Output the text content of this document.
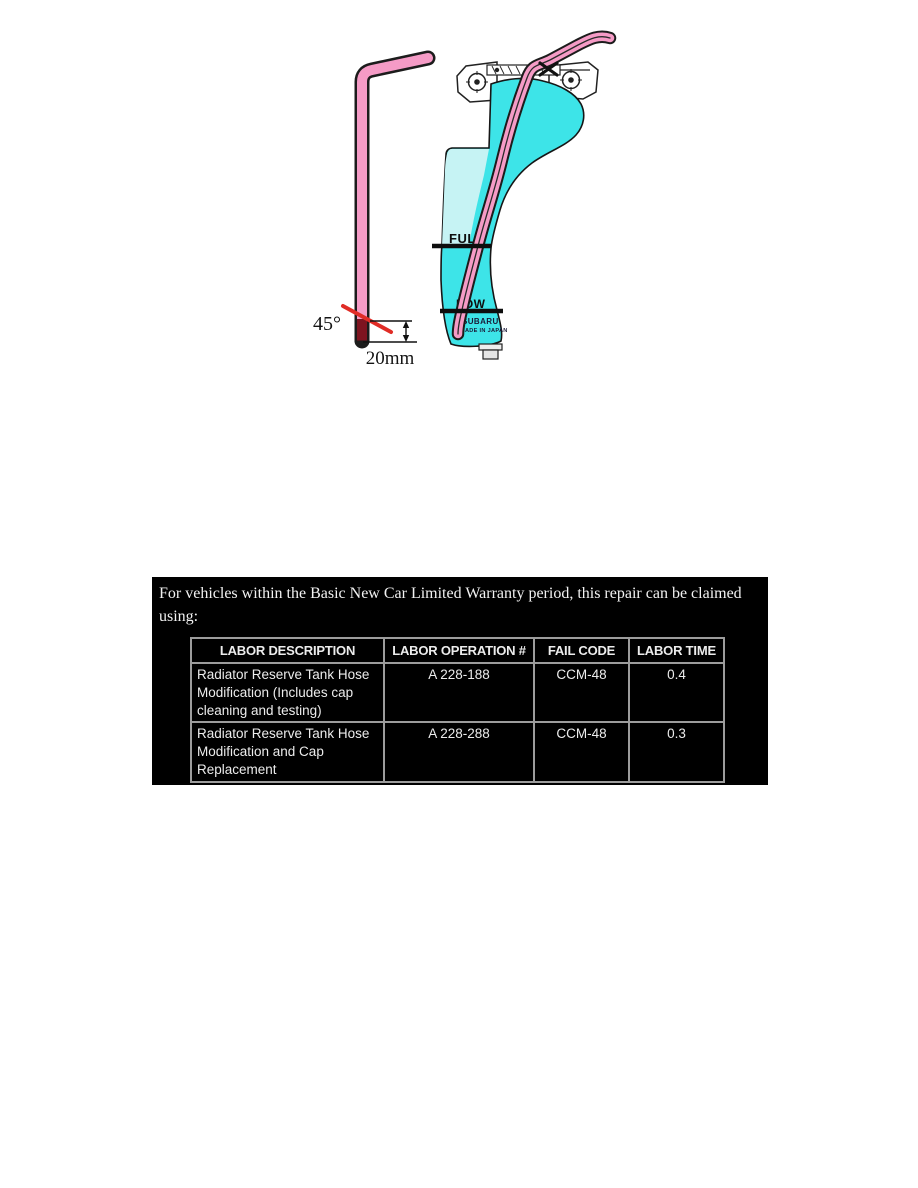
FULL
LOW
SUBARU
MADE IN JAPAN
45°
20mm
For vehicles within the Basic New Car Limited Warranty period, this repair can be claimed
using:
LABOR DESCRIPTION	LABOR OPERATION #	FAIL CODE	LABOR TIME
Radiator Reserve Tank Hose Modification (Includes cap cleaning and testing)	A 228-188	CCM-48	0.4
Radiator Reserve Tank Hose Modification and Cap Replacement	A 228-288	CCM-48	0.3
